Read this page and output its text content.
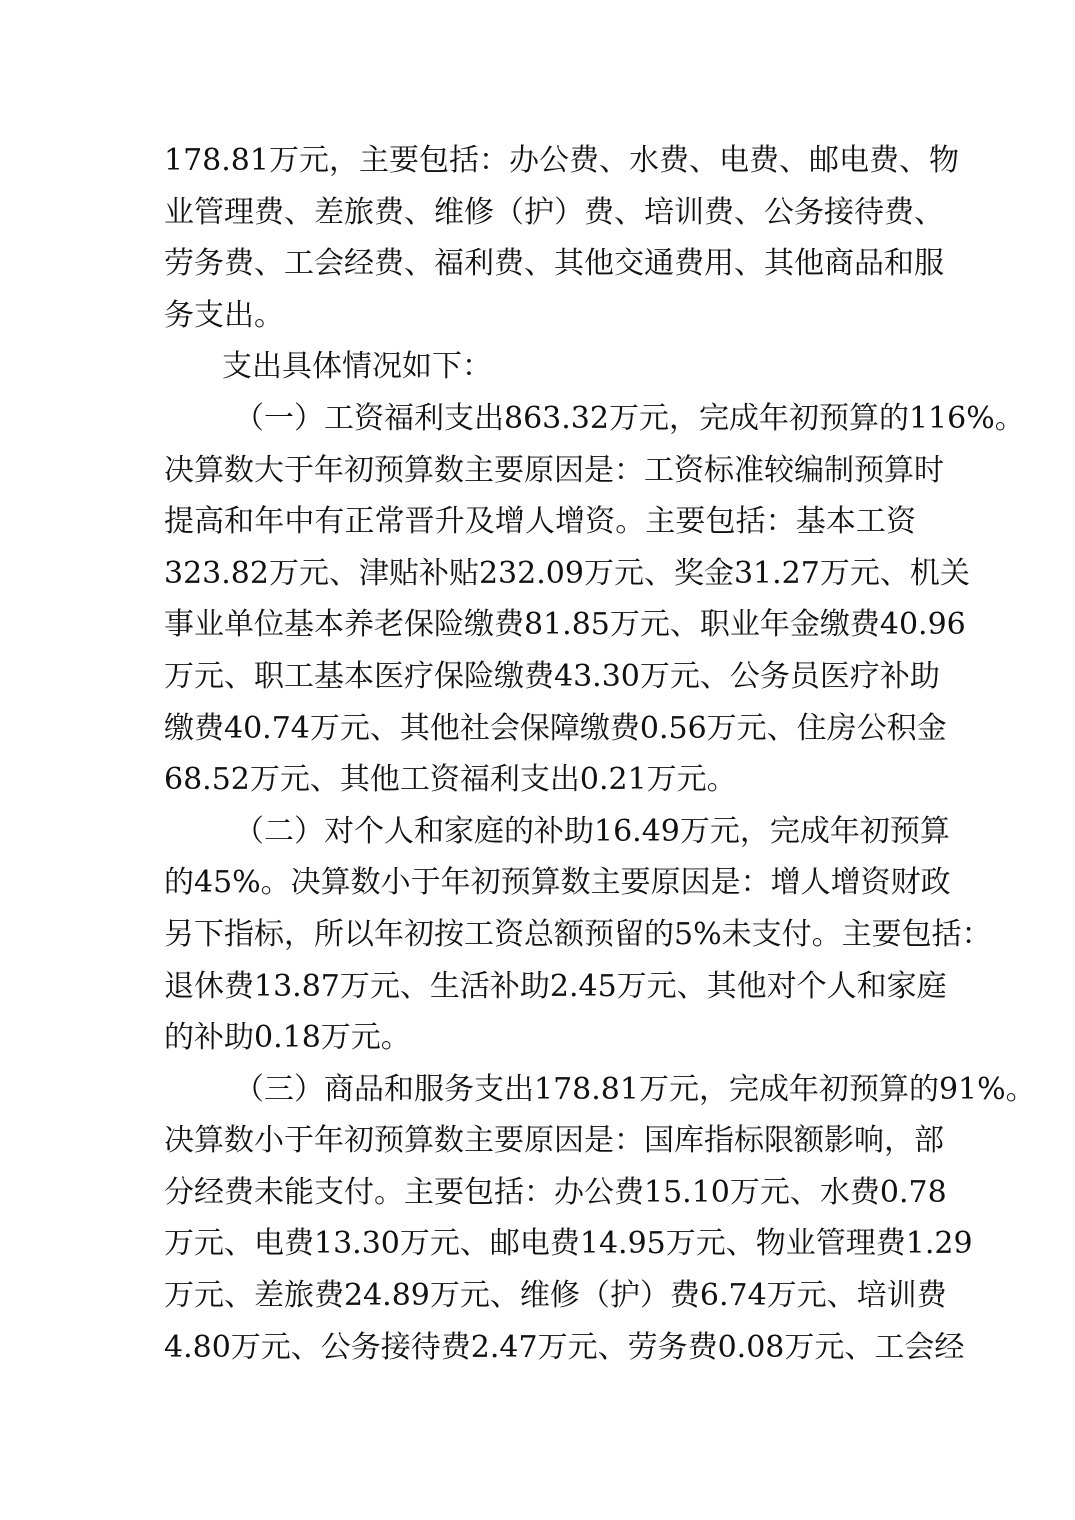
178.81万元，主要包括：办公费、水费、电费、邮电费、物
业管理费、差旅费、维修（护）费、培训费、公务接待费、
劳务费、工会经费、福利费、其他交通费用、其他商品和服
务支出。
支出具体情况如下：
（一）工资福利支出863.32万元，完成年初预算的116%。
决算数大于年初预算数主要原因是：工资标准较编制预算时
提高和年中有正常晋升及增人增资。主要包括：基本工资
323.82万元、津贴补贴232.09万元、奖金31.27万元、机关
事业单位基本养老保险缴费81.85万元、职业年金缴费40.96
万元、职工基本医疗保险缴费43.30万元、公务员医疗补助
缴费40.74万元、其他社会保障缴费0.56万元、住房公积金
68.52万元、其他工资福利支出0.21万元。
（二）对个人和家庭的补助16.49万元，完成年初预算
的45%。决算数小于年初预算数主要原因是：增人增资财政
另下指标，所以年初按工资总额预留的5%未支付。主要包括：
退休费13.87万元、生活补助2.45万元、其他对个人和家庭
的补助0.18万元。
（三）商品和服务支出178.81万元，完成年初预算的91%。
决算数小于年初预算数主要原因是：国库指标限额影响，部
分经费未能支付。主要包括：办公费15.10万元、水费0.78
万元、电费13.30万元、邮电费14.95万元、物业管理费1.29
万元、差旅费24.89万元、维修（护）费6.74万元、培训费
4.80万元、公务接待费2.47万元、劳务费0.08万元、工会经
